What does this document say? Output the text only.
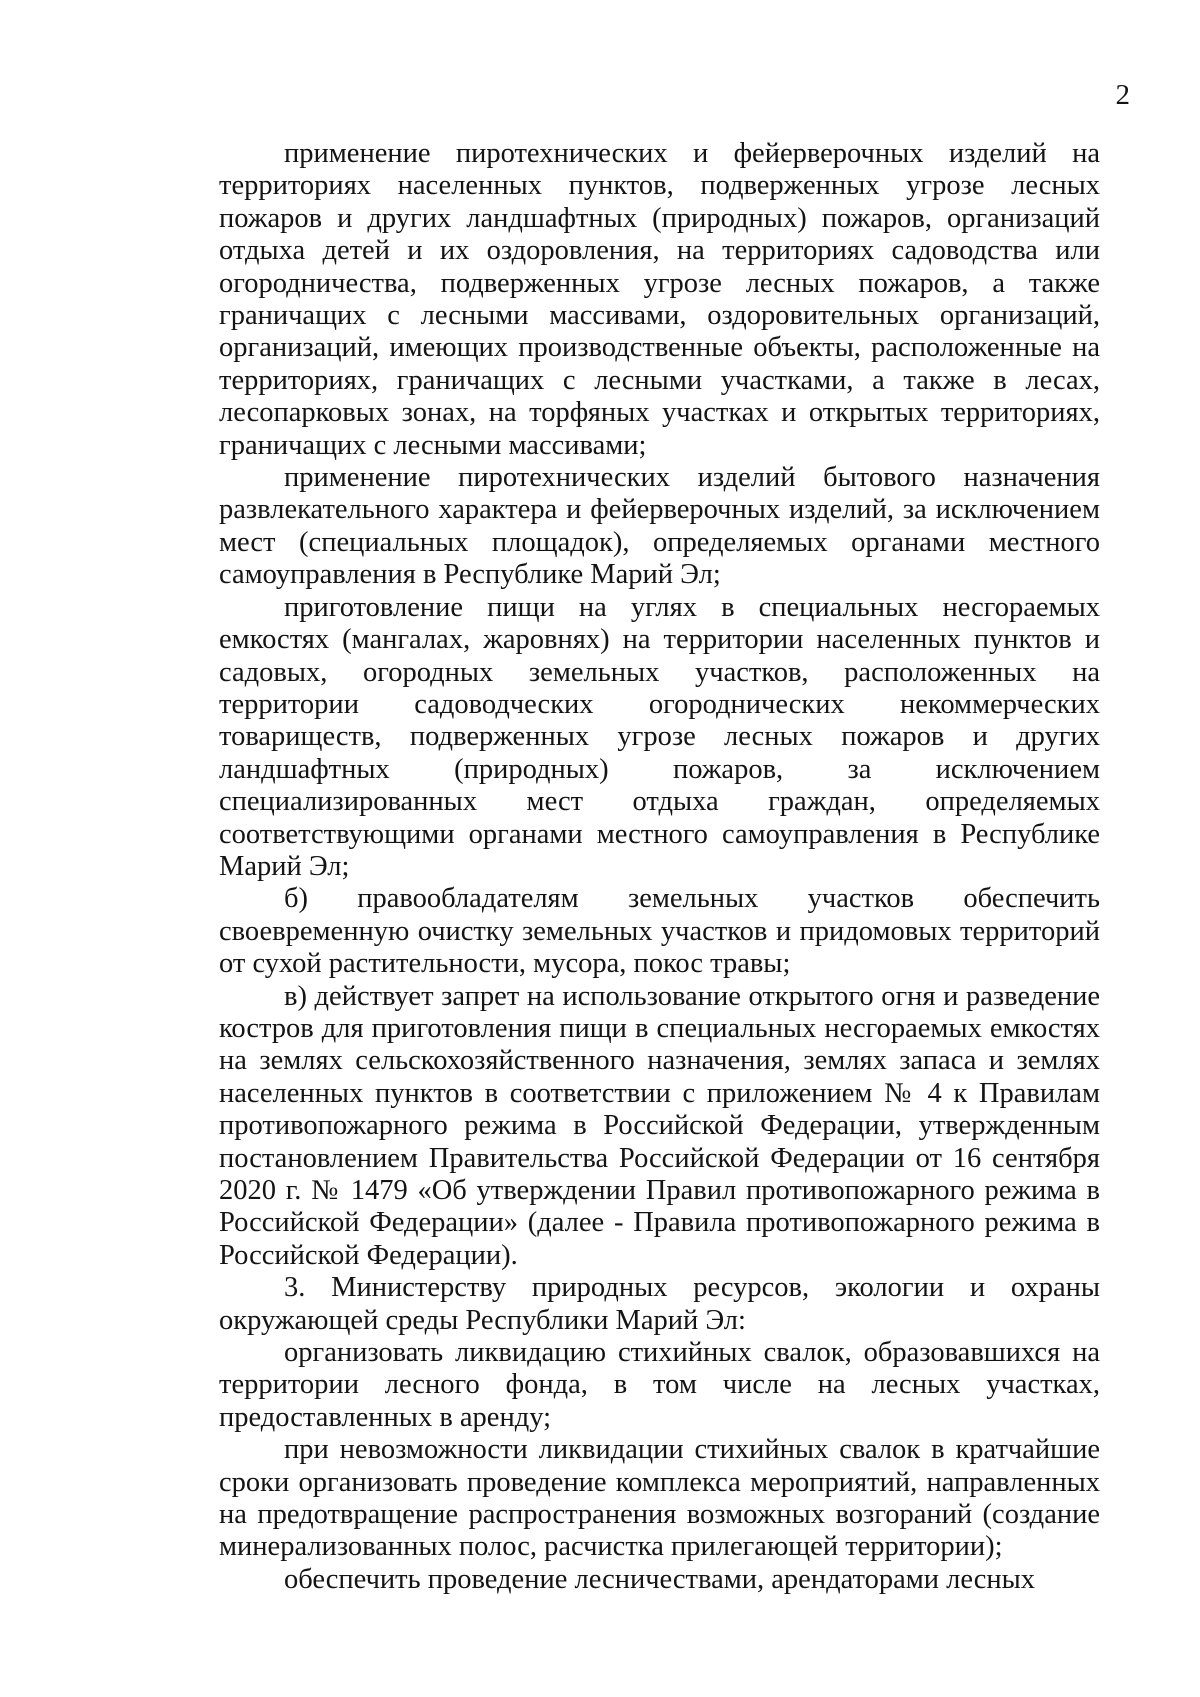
2

применение пиротехнических и фейерверочных изделий на территориях населенных пунктов, подверженных угрозе лесных пожаров и других ландшафтных (природных) пожаров, организаций отдыха детей и их оздоровления, на территориях садоводства или огородничества, подверженных угрозе лесных пожаров, а также граничащих с лесными массивами, оздоровительных организаций, организаций, имеющих производственные объекты, расположенные на территориях, граничащих с лесными участками, а также в лесах, лесопарковых зонах, на торфяных участках и открытых территориях, граничащих с лесными массивами;

применение пиротехнических изделий бытового назначения развлекательного характера и фейерверочных изделий, за исключением мест (специальных площадок), определяемых органами местного самоуправления в Республике Марий Эл;

приготовление пищи на углях в специальных несгораемых емкостях (мангалах, жаровнях) на территории населенных пунктов и садовых, огородных земельных участков, расположенных на территории садоводческих огороднических некоммерческих товариществ, подверженных угрозе лесных пожаров и других ландшафтных (природных) пожаров, за исключением специализированных мест отдыха граждан, определяемых соответствующими органами местного самоуправления в Республике Марий Эл;

б) правообладателям земельных участков обеспечить своевременную очистку земельных участков и придомовых территорий от сухой растительности, мусора, покос травы;

в) действует запрет на использование открытого огня и разведение костров для приготовления пищи в специальных несгораемых емкостях на землях сельскохозяйственного назначения, землях запаса и землях населенных пунктов в соответствии с приложением № 4 к Правилам противопожарного режима в Российской Федерации, утвержденным постановлением Правительства Российской Федерации от 16 сентября 2020 г. № 1479 «Об утверждении Правил противопожарного режима в Российской Федерации» (далее - Правила противопожарного режима в Российской Федерации).

3. Министерству природных ресурсов, экологии и охраны окружающей среды Республики Марий Эл:

организовать ликвидацию стихийных свалок, образовавшихся на территории лесного фонда, в том числе на лесных участках, предоставленных в аренду;

при невозможности ликвидации стихийных свалок в кратчайшие сроки организовать проведение комплекса мероприятий, направленных на предотвращение распространения возможных возгораний (создание минерализованных полос, расчистка прилегающей территории);

обеспечить проведение лесничествами, арендаторами лесных
